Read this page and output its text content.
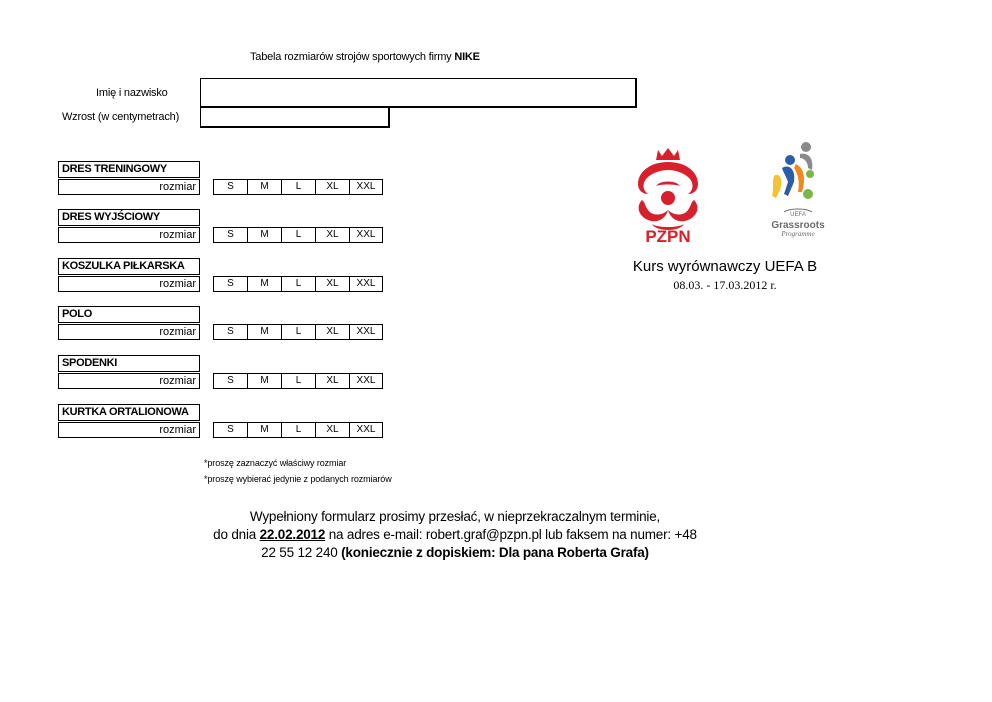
Tabela rozmiarów strojów sportowych firmy NIKE
Imię i nazwisko
Wzrost (w centymetrach)
DRES TRENINGOWY
rozmiar	S	M	L	XL	XXL
DRES WYJŚCIOWY
rozmiar	S	M	L	XL	XXL
KOSZULKA PIŁKARSKA
rozmiar	S	M	L	XL	XXL
POLO
rozmiar	S	M	L	XL	XXL
SPODENKI
rozmiar	S	M	L	XL	XXL
KURTKA ORTALIONOWA
rozmiar	S	M	L	XL	XXL
*proszę zaznaczyć właściwy rozmiar
*proszę wybierać jedynie z podanych rozmiarów
Wypełniony formularz prosimy przesłać, w nieprzekraczalnym terminie,
do dnia 22.02.2012 na adres e-mail: robert.graf@pzpn.pl lub faksem na numer: +48
22 55 12 240 (koniecznie z dopiskiem: Dla pana Roberta Grafa)
PZPN
UEFA
Grassroots
Programme
Kurs wyrównawczy UEFA B
08.03. - 17.03.2012 r.
